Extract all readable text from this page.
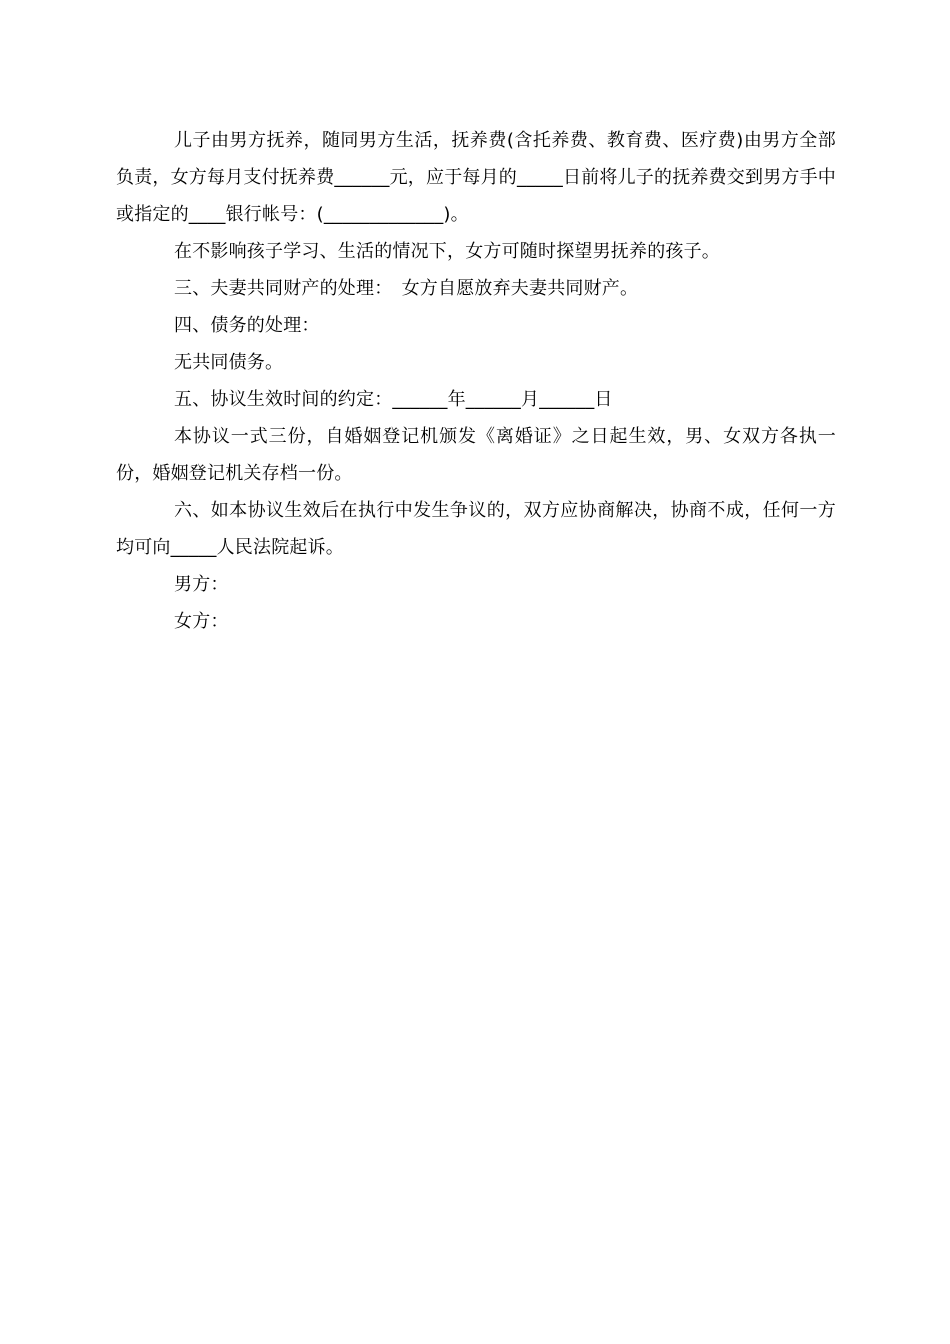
儿子由男方抚养，随同男方生活，抚养费(含托养费、教育费、医疗费)由男方全部负责，女方每月支付抚养费______元，应于每月的_____日前将儿子的抚养费交到男方手中或指定的____银行帐号：(_____________)。

在不影响孩子学习、生活的情况下，女方可随时探望男抚养的孩子。

三、夫妻共同财产的处理：　女方自愿放弃夫妻共同财产。

四、债务的处理：

无共同债务。

五、协议生效时间的约定：______年______月______日

本协议一式三份，自婚姻登记机颁发《离婚证》之日起生效，男、女双方各执一份，婚姻登记机关存档一份。

六、如本协议生效后在执行中发生争议的，双方应协商解决，协商不成，任何一方均可向_____人民法院起诉。

男方：

女方：
